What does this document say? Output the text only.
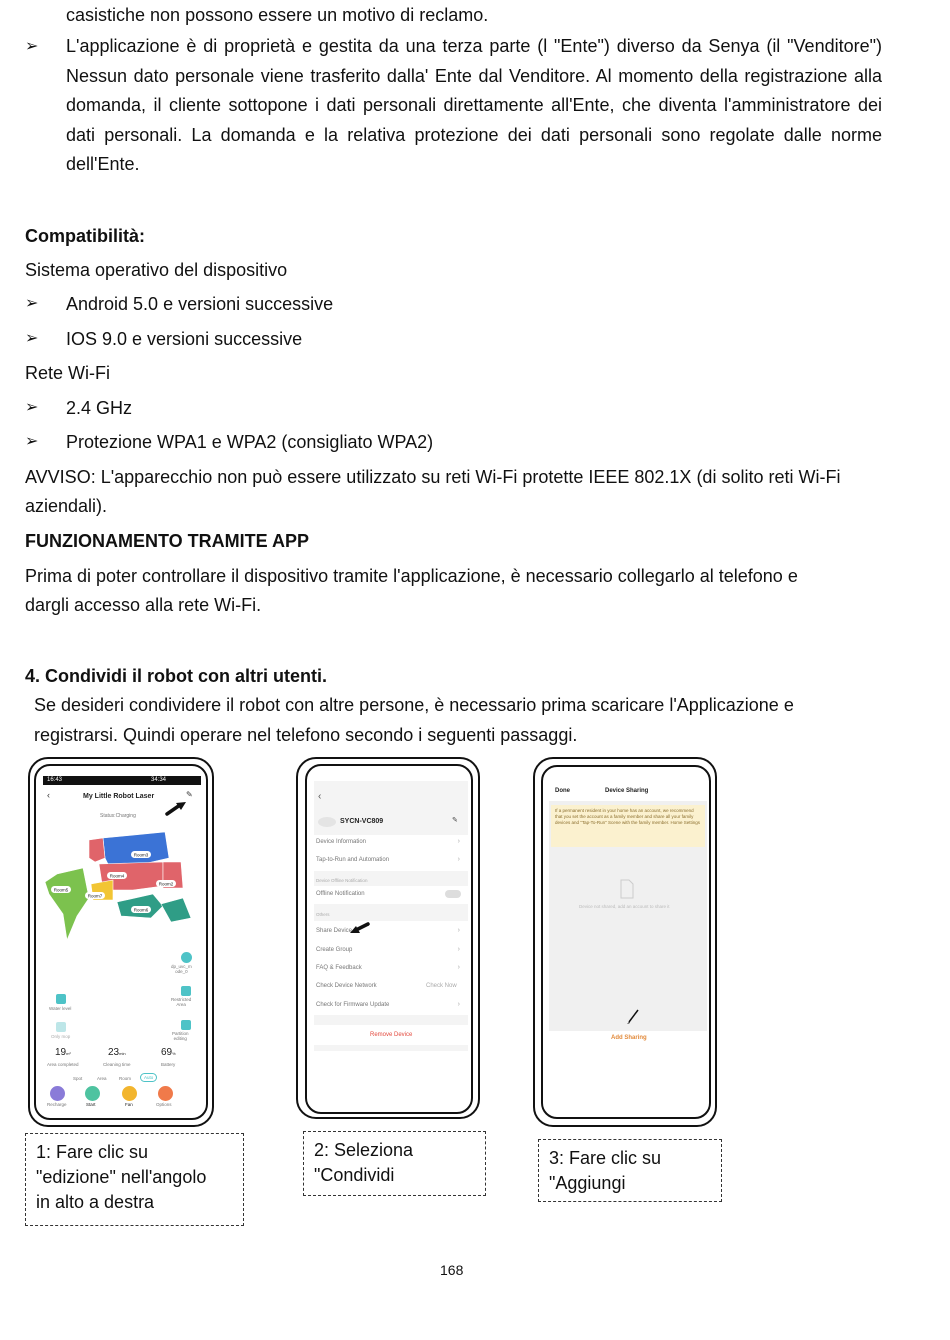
casistiche non possono essere un motivo di reclamo.
➢ L'applicazione è di proprietà e gestita da una terza parte (l "Ente") diverso da Senya (il "Venditore") Nessun dato personale viene trasferito dalla' Ente dal Venditore. Al momento della registrazione alla domanda, il cliente sottopone i dati personali direttamente all'Ente, che diventa l'amministratore dei dati personali. La domanda e la relativa protezione dei dati personali sono regolate dalle norme dell'Ente.
Compatibilità:
Sistema operativo del dispositivo
➢ Android 5.0 e versioni successive
➢ IOS 9.0 e versioni successive
Rete Wi-Fi
➢ 2.4 GHz
➢ Protezione WPA1 e WPA2 (consigliato WPA2)
AVVISO: L'apparecchio non può essere utilizzato su reti Wi-Fi protette IEEE 802.1X (di solito reti Wi-Fi
aziendali).
FUNZIONAMENTO TRAMITE APP
Prima di poter controllare il dispositivo tramite l'applicazione, è necessario collegarlo al telefono e
dargli accesso alla rete Wi-Fi.
4. Condividi il robot con altri utenti.
Se desideri condividere il robot con altre persone, è necessario prima scaricare l'Applicazione e
registrarsi. Quindi operare nel telefono secondo i seguenti passaggi.
16:43	34:34
‹	My Little Robot Laser	✎
Status:Charging
Room3
Room4
Room5
Room7
Room2
Room6
dp_uvc_m
ode_0
Restricted
Area
Partition
editing
Water level
Only mop
19m²
Area completed
23min
Cleaning time
69%
Battery
Spot	Area	Room	Auto
Recharge	Start	Fan	Options
‹
SYCN-VC809	✎
Device Information	›
Tap-to-Run and Automation	›
Device Offline Notification
Offline Notification
Others
Share Device	›
Create Group	›
FAQ & Feedback	›
Check Device Network	Check Now
Check for Firmware Update	›
Remove Device
Done	Device Sharing
If a permanent resident in your home has an account, we recommend that you set the account as a family member and share all your family devices and "Tap-To-Run" Scene with the family member. Home Settings
Device not shared, add an account to share it
Add Sharing
1: Fare clic su
"edizione" nell'angolo
in alto a destra
2: Seleziona
"Condividi
3: Fare clic su
"Aggiungi
168
